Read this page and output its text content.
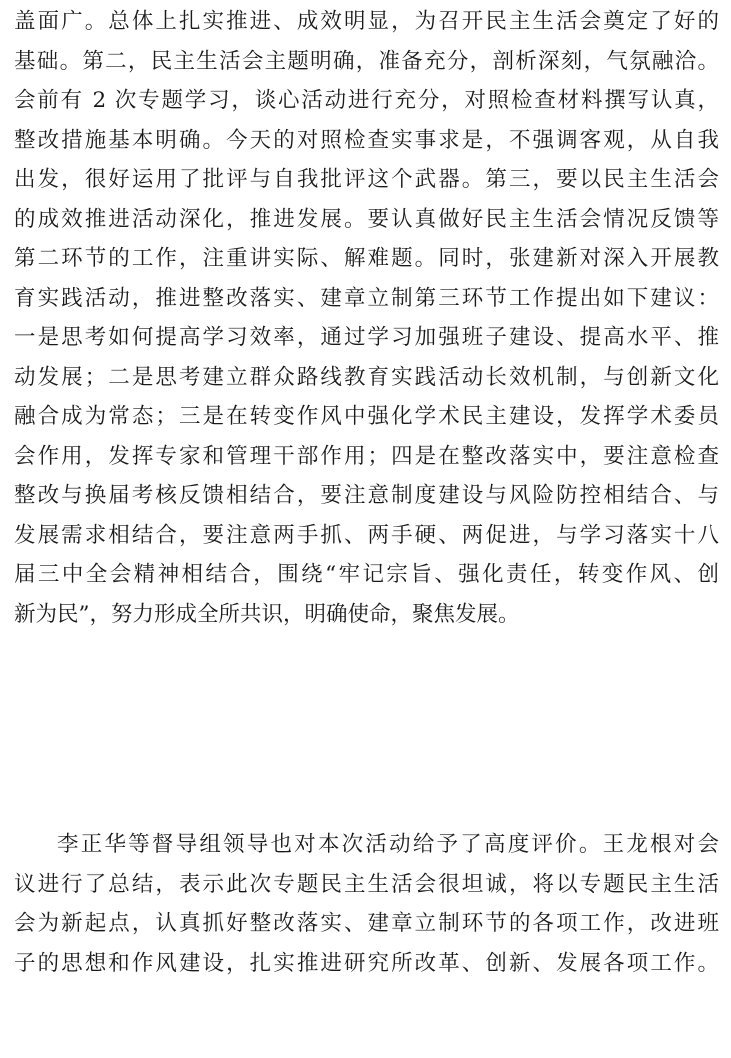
盖面广。总体上扎实推进、成效明显，为召开民主生活会奠定了好的
基础。第二，民主生活会主题明确，准备充分，剖析深刻，气氛融洽。
会前有 2 次专题学习，谈心活动进行充分，对照检查材料撰写认真，
整改措施基本明确。今天的对照检查实事求是，不强调客观，从自我
出发，很好运用了批评与自我批评这个武器。第三，要以民主生活会
的成效推进活动深化，推进发展。要认真做好民主生活会情况反馈等
第二环节的工作，注重讲实际、解难题。同时，张建新对深入开展教
育实践活动，推进整改落实、建章立制第三环节工作提出如下建议：
一是思考如何提高学习效率，通过学习加强班子建设、提高水平、推
动发展；二是思考建立群众路线教育实践活动长效机制，与创新文化
融合成为常态；三是在转变作风中强化学术民主建设，发挥学术委员
会作用，发挥专家和管理干部作用；四是在整改落实中，要注意检查
整改与换届考核反馈相结合，要注意制度建设与风险防控相结合、与
发展需求相结合，要注意两手抓、两手硬、两促进，与学习落实十八
届三中全会精神相结合，围绕“牢记宗旨、强化责任，转变作风、创
新为民”，努力形成全所共识，明确使命，聚焦发展。
李正华等督导组领导也对本次活动给予了高度评价。王龙根对会
议进行了总结，表示此次专题民主生活会很坦诚，将以专题民主生活
会为新起点，认真抓好整改落实、建章立制环节的各项工作，改进班
子的思想和作风建设，扎实推进研究所改革、创新、发展各项工作。
